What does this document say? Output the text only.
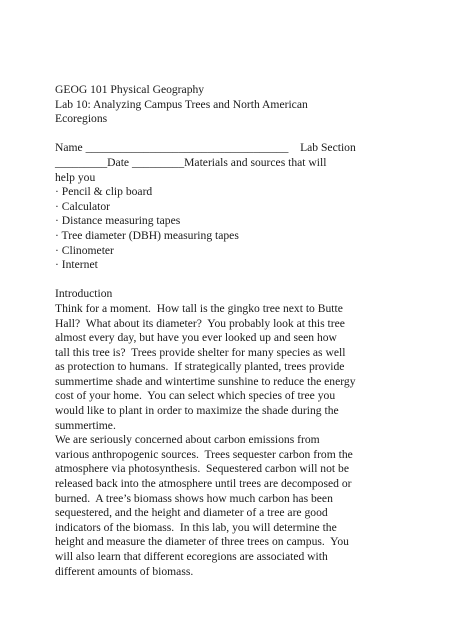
GEOG 101 Physical Geography
Lab 10: Analyzing Campus Trees and North American
Ecoregions
Name ___________________________________    Lab Section
_________Date _________Materials and sources that will
help you
· Pencil & clip board
· Calculator
· Distance measuring tapes
· Tree diameter (DBH) measuring tapes
· Clinometer
· Internet
Introduction
Think for a moment.  How tall is the gingko tree next to Butte
Hall?  What about its diameter?  You probably look at this tree
almost every day, but have you ever looked up and seen how
tall this tree is?  Trees provide shelter for many species as well
as protection to humans.  If strategically planted, trees provide
summertime shade and wintertime sunshine to reduce the energy
cost of your home.  You can select which species of tree you
would like to plant in order to maximize the shade during the
summertime.
We are seriously concerned about carbon emissions from
various anthropogenic sources.  Trees sequester carbon from the
atmosphere via photosynthesis.  Sequestered carbon will not be
released back into the atmosphere until trees are decomposed or
burned.  A tree’s biomass shows how much carbon has been
sequestered, and the height and diameter of a tree are good
indicators of the biomass.  In this lab, you will determine the
height and measure the diameter of three trees on campus.  You
will also learn that different ecoregions are associated with
different amounts of biomass.
